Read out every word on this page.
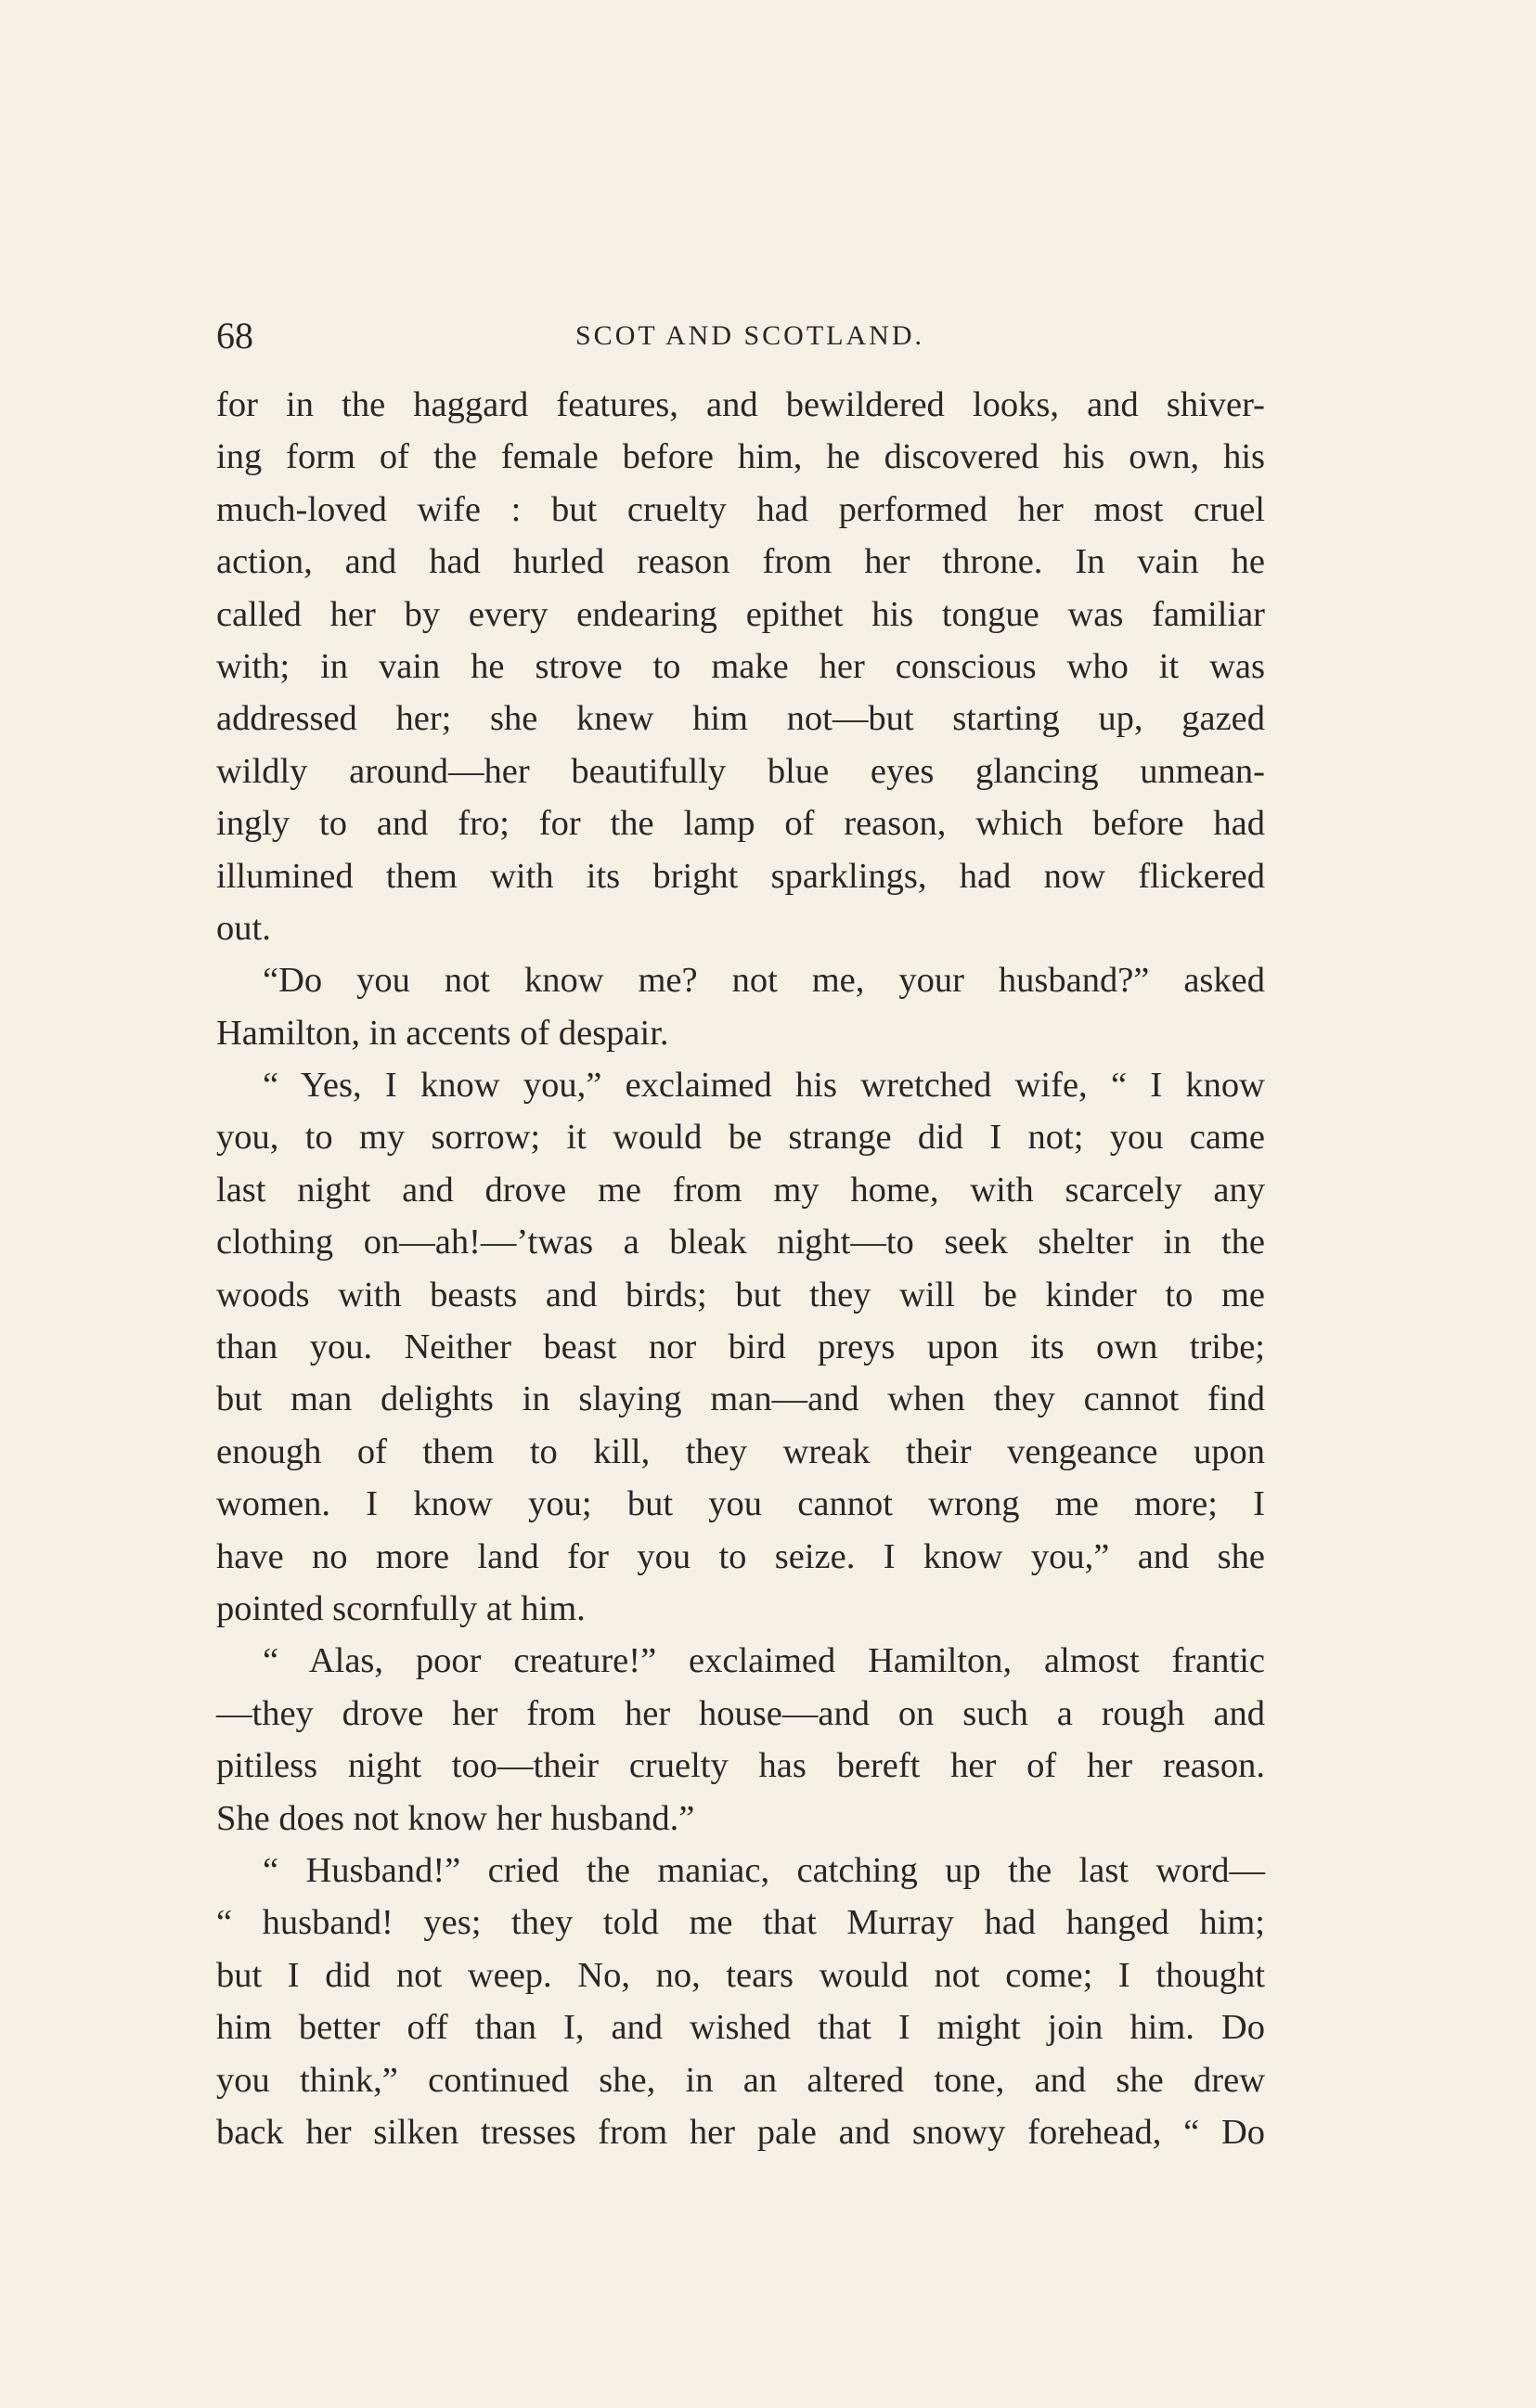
68	SCOT AND SCOTLAND.
for in the haggard features, and bewildered looks, and shiver-
ing form of the female before him, he discovered his own, his
much-loved wife : but cruelty had performed her most cruel
action, and had hurled reason from her throne. In vain he
called her by every endearing epithet his tongue was familiar
with; in vain he strove to make her conscious who it was
addressed her; she knew him not—but starting up, gazed
wildly around—her beautifully blue eyes glancing unmean-
ingly to and fro; for the lamp of reason, which before had
illumined them with its bright sparklings, had now flickered
out.
“Do you not know me? not me, your husband?” asked
Hamilton, in accents of despair.
“ Yes, I know you,” exclaimed his wretched wife, “ I know
you, to my sorrow; it would be strange did I not; you came
last night and drove me from my home, with scarcely any
clothing on—ah!—’twas a bleak night—to seek shelter in the
woods with beasts and birds; but they will be kinder to me
than you. Neither beast nor bird preys upon its own tribe;
but man delights in slaying man—and when they cannot find
enough of them to kill, they wreak their vengeance upon
women. I know you; but you cannot wrong me more; I
have no more land for you to seize. I know you,” and she
pointed scornfully at him.
“ Alas, poor creature!” exclaimed Hamilton, almost frantic
—they drove her from her house—and on such a rough and
pitiless night too—their cruelty has bereft her of her reason.
She does not know her husband.”
“ Husband!” cried the maniac, catching up the last word—
“ husband! yes; they told me that Murray had hanged him;
but I did not weep. No, no, tears would not come; I thought
him better off than I, and wished that I might join him. Do
you think,” continued she, in an altered tone, and she drew
back her silken tresses from her pale and snowy forehead, “ Do
